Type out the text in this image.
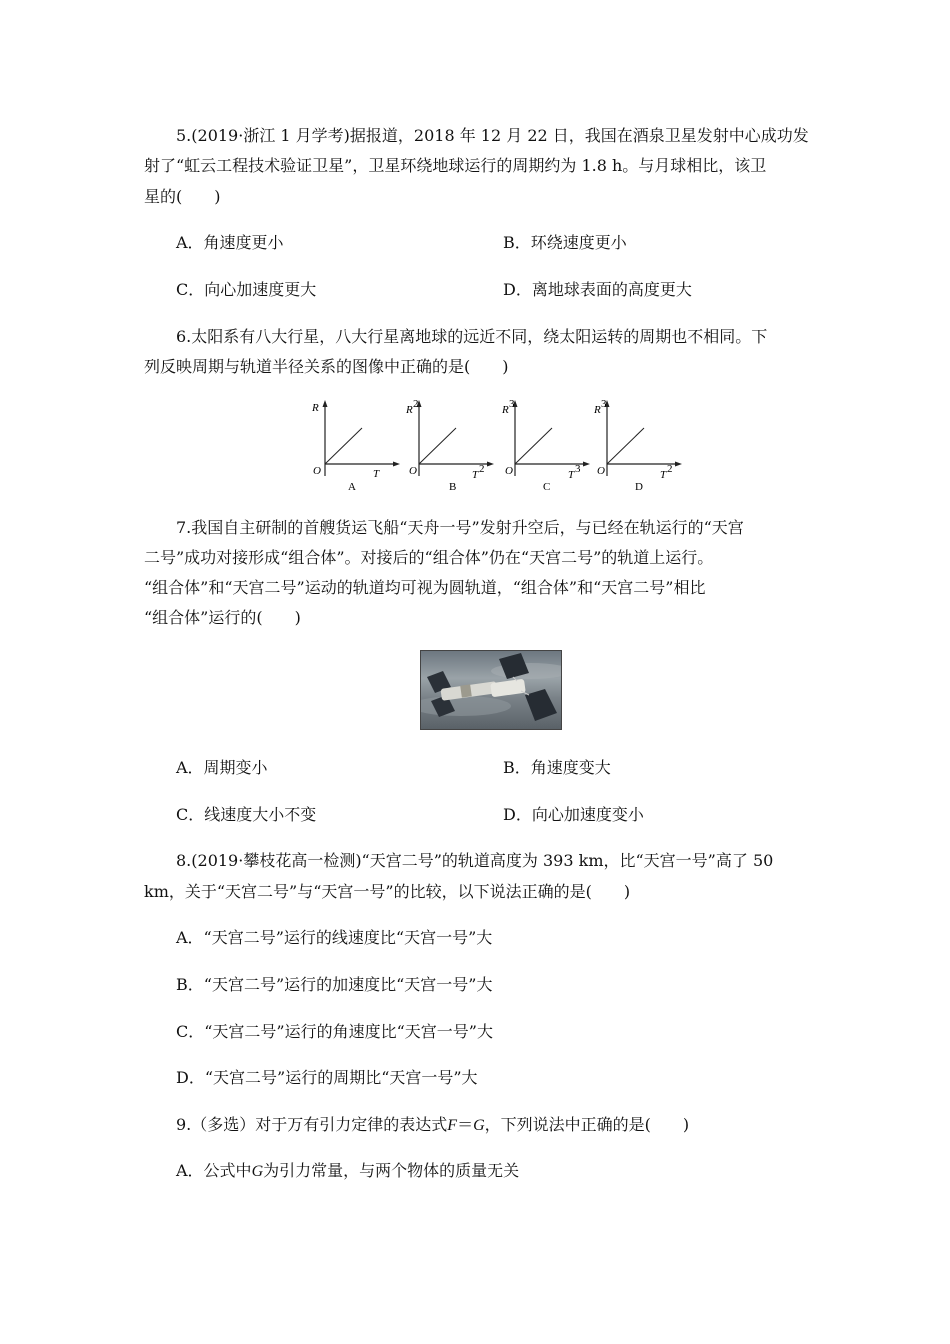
5.(2019·浙江 1 月学考)据报道，2018 年 12 月 22 日，我国在酒泉卫星发射中心成功发
射了“虹云工程技术验证卫星”，卫星环绕地球运行的周期约为 1.8 h。与月球相比，该卫
星的(　　)
A．角速度更小	B．环绕速度更小
C．向心加速度更大	D．离地球表面的高度更大
6.太阳系有八大行星，八大行星离地球的远近不同，绕太阳运转的周期也不相同。下
列反映周期与轨道半径关系的图像中正确的是(　　)
R
O	T
A
R 2
O	T 2
B
R 3
O	T 3
C
R 3
O	T 2
D
7.我国自主研制的首艘货运飞船“天舟一号”发射升空后，与已经在轨运行的“天宫
二号”成功对接形成“组合体”。对接后的“组合体”仍在“天宫二号”的轨道上运行。
“组合体”和“天宫二号”运动的轨道均可视为圆轨道，“组合体”和“天宫二号”相比
“组合体”运行的(　　)
A．周期变小	B．角速度变大
C．线速度大小不变	D．向心加速度变小
8.(2019·攀枝花高一检测)“天宫二号”的轨道高度为 393 km，比“天宫一号”高了 50
km，关于“天宫二号”与“天宫一号”的比较，以下说法正确的是(　　)
A．“天宫二号”运行的线速度比“天宫一号”大
B．“天宫二号”运行的加速度比“天宫一号”大
C．“天宫二号”运行的角速度比“天宫一号”大
D．“天宫二号”运行的周期比“天宫一号”大
9.（多选）对于万有引力定律的表达式F＝G，下列说法中正确的是(　　)
A．公式中G为引力常量，与两个物体的质量无关
